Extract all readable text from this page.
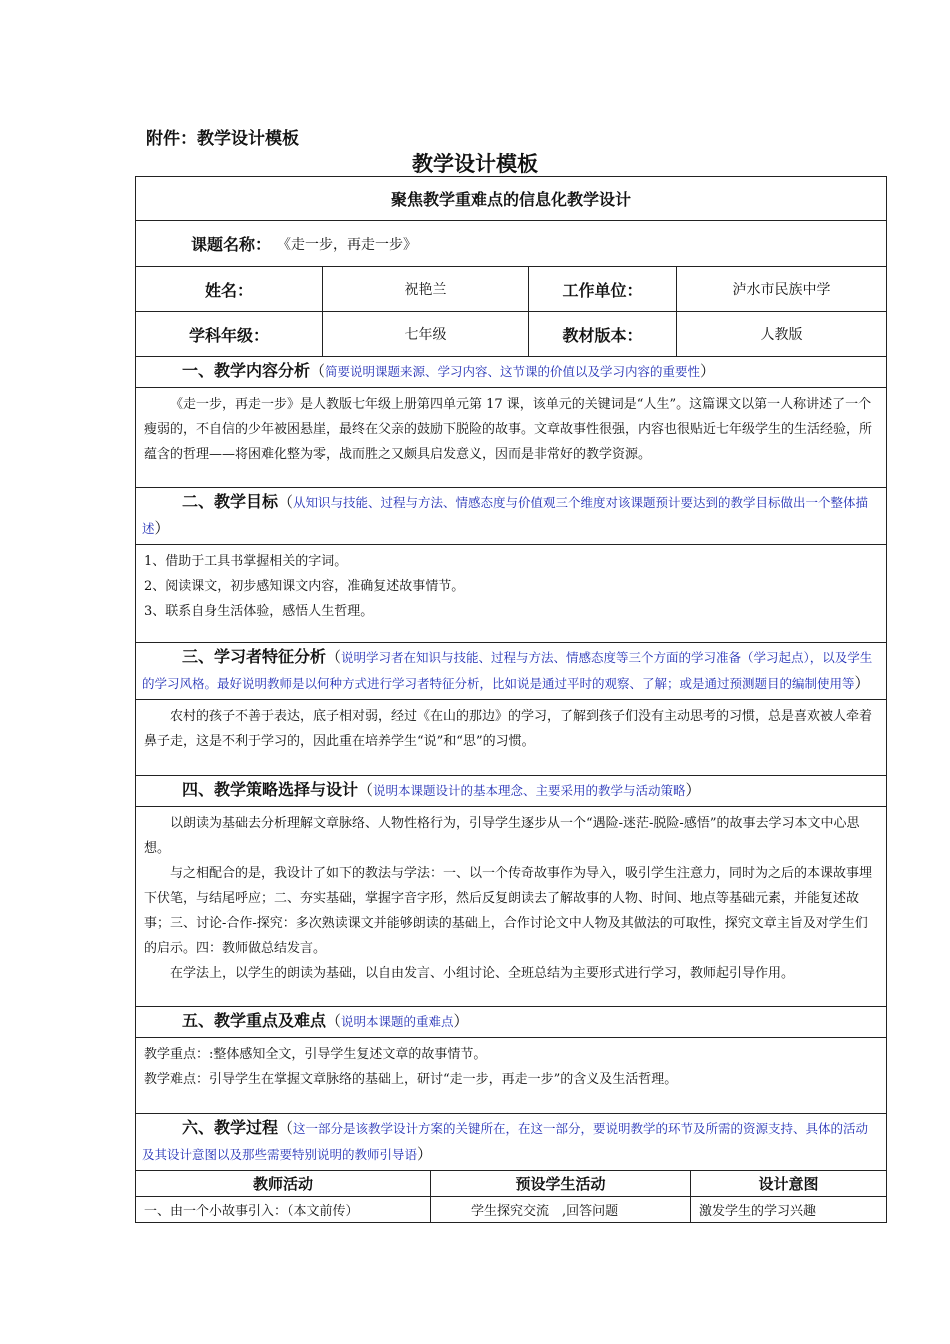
附件：教学设计模板
教学设计模板
聚焦教学重难点的信息化教学设计
课题名称： 《走一步，再走一步》
姓名：	祝艳兰	工作单位：	泸水市民族中学
学科年级：	七年级	教材版本：	人教版
一、教学内容分析（简要说明课题来源、学习内容、这节课的价值以及学习内容的重要性）

《走一步，再走一步》是人教版七年级上册第四单元第 17 课，该单元的关键词是“人生”。这篇课文以第一人称讲述了一个瘦弱的，不自信的少年被困悬崖，最终在父亲的鼓励下脱险的故事。文章故事性很强，内容也很贴近七年级学生的生活经验，所蕴含的哲理——将困难化整为零，战而胜之又颇具启发意义，因而是非常好的教学资源。

二、教学目标（从知识与技能、过程与方法、情感态度与价值观三个维度对该课题预计要达到的教学目标做出一个整体描述）

1、借助于工具书掌握相关的字词。

2、阅读课文，初步感知课文内容，准确复述故事情节。

3、联系自身生活体验，感悟人生哲理。

三、学习者特征分析（说明学习者在知识与技能、过程与方法、情感态度等三个方面的学习准备（学习起点），以及学生的学习风格。最好说明教师是以何种方式进行学习者特征分析，比如说是通过平时的观察、了解；或是通过预测题目的编制使用等）

农村的孩子不善于表达，底子相对弱，经过《在山的那边》的学习，了解到孩子们没有主动思考的习惯，总是喜欢被人牵着鼻子走，这是不利于学习的，因此重在培养学生“说”和“思”的习惯。

四、教学策略选择与设计（说明本课题设计的基本理念、主要采用的教学与活动策略）

以朗读为基础去分析理解文章脉络、人物性格行为，引导学生逐步从一个“遇险-迷茫-脱险-感悟”的故事去学习本文中心思想。

与之相配合的是，我设计了如下的教法与学法：一、以一个传奇故事作为导入，吸引学生注意力，同时为之后的本课故事埋下伏笔，与结尾呼应；二、夯实基础，掌握字音字形，然后反复朗读去了解故事的人物、时间、地点等基础元素，并能复述故事；三、讨论-合作-探究：多次熟读课文并能够朗读的基础上，合作讨论文中人物及其做法的可取性，探究文章主旨及对学生们的启示。四：教师做总结发言。

在学法上，以学生的朗读为基础，以自由发言、小组讨论、全班总结为主要形式进行学习，教师起引导作用。

五、教学重点及难点（说明本课题的重难点）

教学重点：:整体感知全文，引导学生复述文章的故事情节。

教学难点：引导学生在掌握文章脉络的基础上，研讨“走一步，再走一步”的含义及生活哲理。

六、教学过程（这一部分是该教学设计方案的关键所在，在这一部分，要说明教学的环节及所需的资源支持、具体的活动及其设计意图以及那些需要特别说明的教师引导语）
教师活动	预设学生活动	设计意图
一、由一个小故事引入：（本文前传）	学生探究交流　,回答问题	激发学生的学习兴趣
